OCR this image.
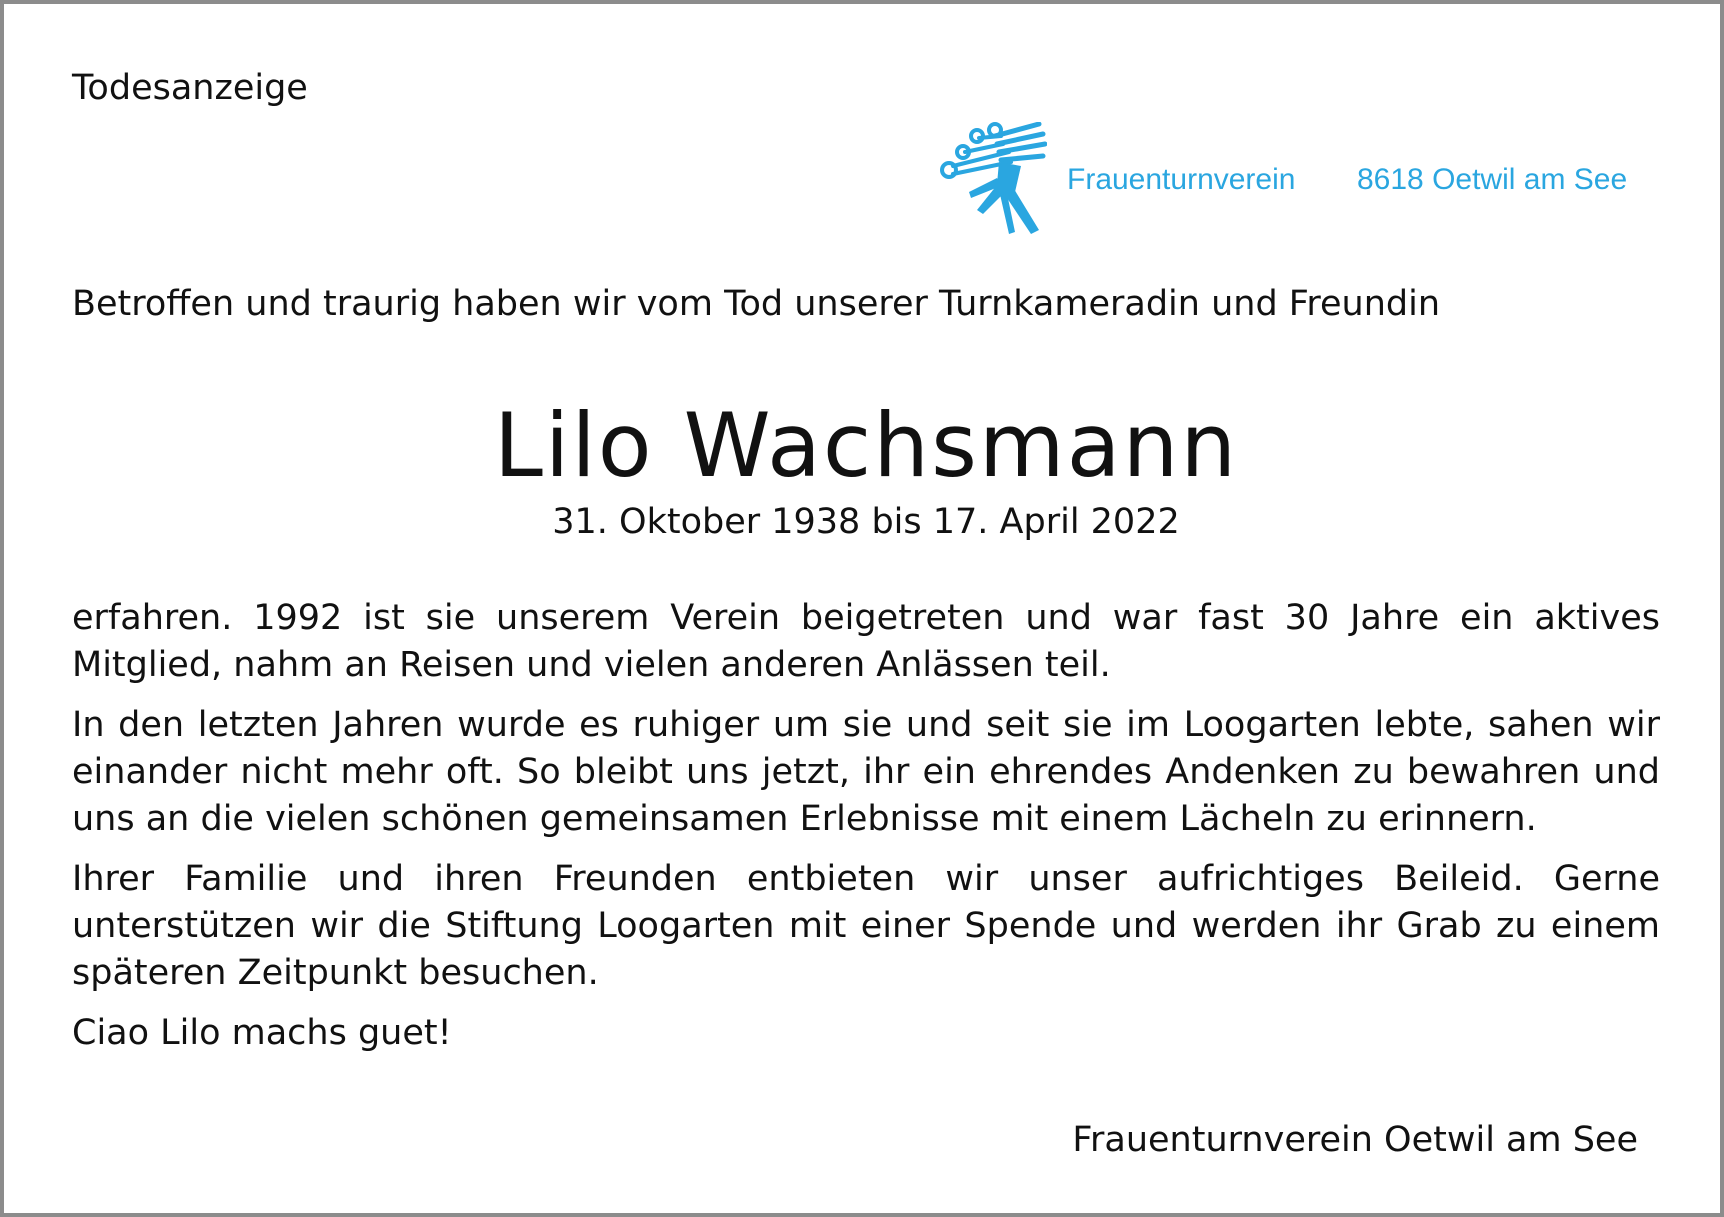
Todesanzeige
Frauenturnverein 8618 Oetwil am See
Betroffen und traurig haben wir vom Tod unserer Turnkameradin und Freundin
Lilo Wachsmann
31. Oktober 1938 bis 17. April 2022

erfahren. 1992 ist sie unserem Verein beigetreten und war fast 30 Jahre ein aktives Mitglied, nahm an Reisen und vielen anderen Anlässen teil.

In den letzten Jahren wurde es ruhiger um sie und seit sie im Loogarten lebte, sahen wir einander nicht mehr oft. So bleibt uns jetzt, ihr ein ehrendes Andenken zu bewahren und uns an die vielen schönen gemeinsamen Erlebnisse mit einem Lächeln zu erinnern.

Ihrer Familie und ihren Freunden entbieten wir unser aufrichtiges Beileid. Gerne unterstützen wir die Stiftung Loogarten mit einer Spende und werden ihr Grab zu einem späteren Zeitpunkt besuchen.

Ciao Lilo machs guet!

Frauenturnverein Oetwil am See
